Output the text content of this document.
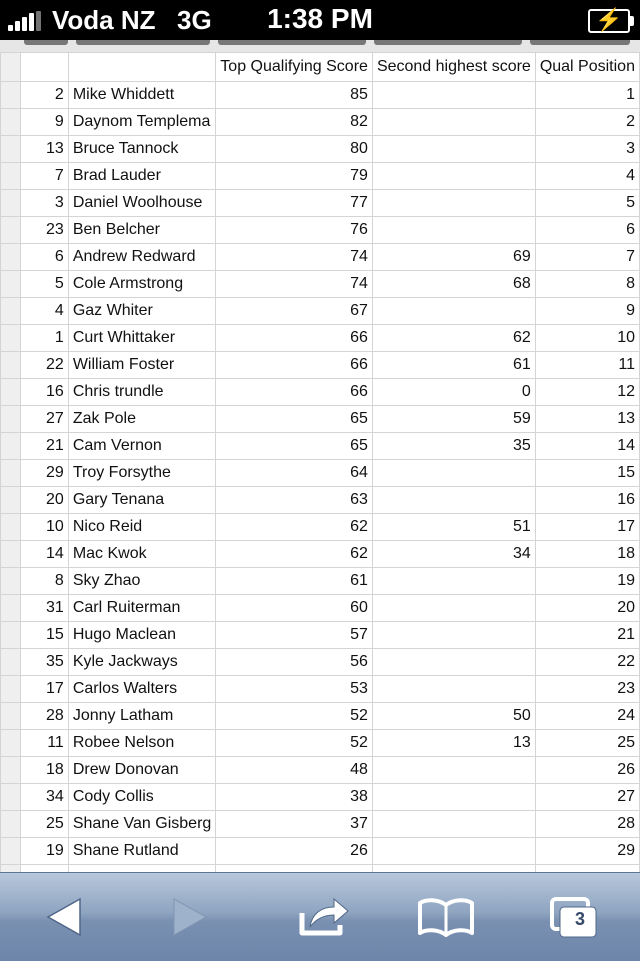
Voda NZ 3G	1:38 PM	⚡
			Top Qualifying Score	Second highest score	Qual Position
	2	Mike Whiddett	85		1
	9	Daynom Templema	82		2
	13	Bruce Tannock	80		3
	7	Brad Lauder	79		4
	3	Daniel Woolhouse	77		5
	23	Ben Belcher	76		6
	6	Andrew Redward	74	69	7
	5	Cole Armstrong	74	68	8
	4	Gaz Whiter	67		9
	1	Curt Whittaker	66	62	10
	22	William Foster	66	61	11
	16	Chris trundle	66	0	12
	27	Zak Pole	65	59	13
	21	Cam Vernon	65	35	14
	29	Troy Forsythe	64		15
	20	Gary Tenana	63		16
	10	Nico Reid	62	51	17
	14	Mac Kwok	62	34	18
	8	Sky Zhao	61		19
	31	Carl Ruiterman	60		20
	15	Hugo Maclean	57		21
	35	Kyle Jackways	56		22
	17	Carlos Walters	53		23
	28	Jonny Latham	52	50	24
	11	Robee Nelson	52	13	25
	18	Drew Donovan	48		26
	34	Cody Collis	38		27
	25	Shane Van Gisberg	37		28
	19	Shane Rutland	26		29

3
